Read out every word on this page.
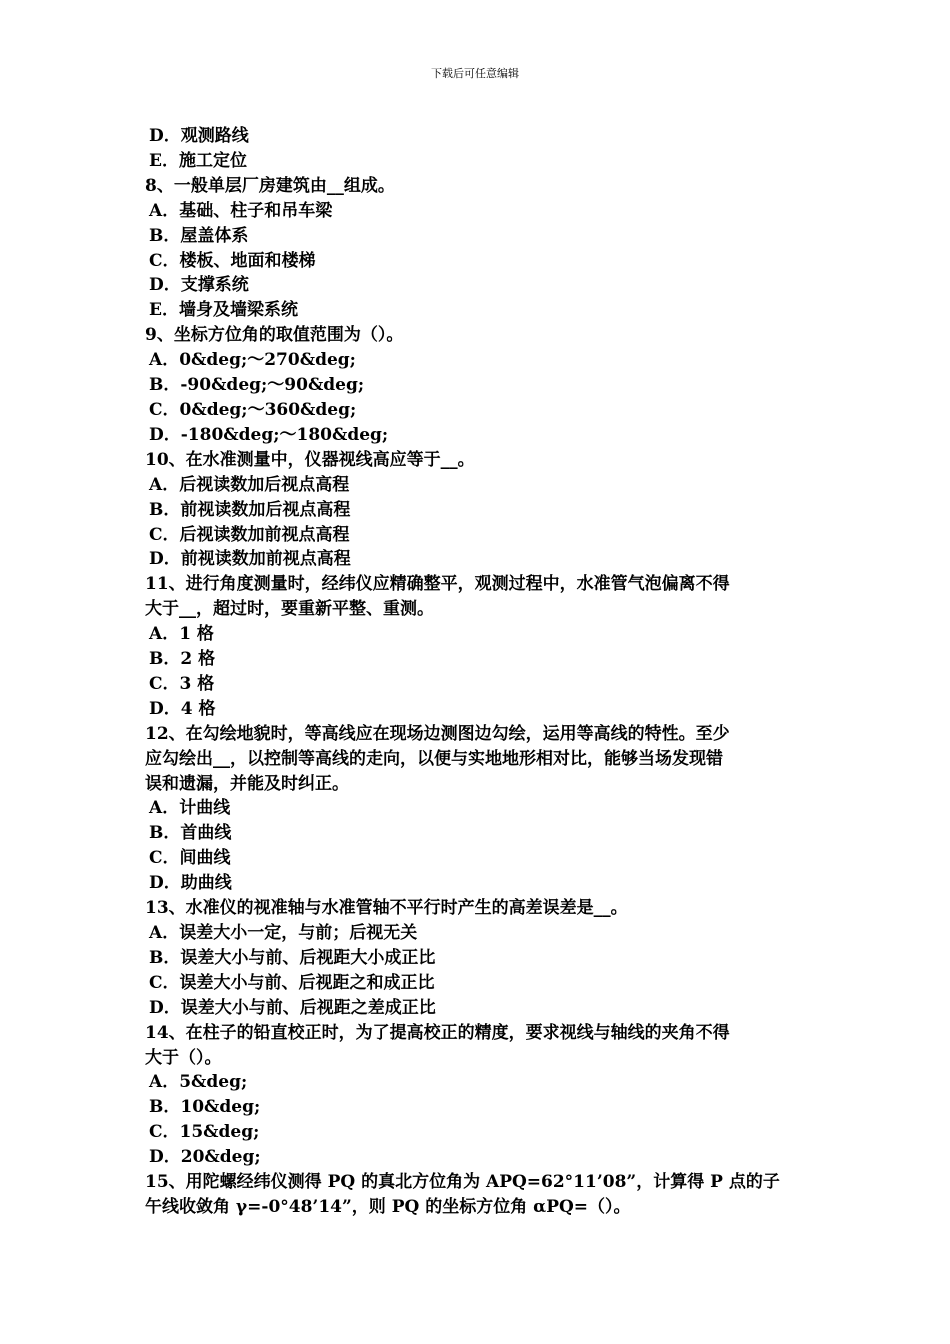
下载后可任意编辑
D．观测路线
E．施工定位
8、一般单层厂房建筑由__组成。
A．基础、柱子和吊车梁
B．屋盖体系
C．楼板、地面和楼梯
D．支撑系统
E．墙身及墙梁系统
9、坐标方位角的取值范围为（）。
A．0&deg;～270&deg;
B．-90&deg;～90&deg;
C．0&deg;～360&deg;
D．-180&deg;～180&deg;
10、在水准测量中，仪器视线高应等于__。
A．后视读数加后视点高程
B．前视读数加后视点高程
C．后视读数加前视点高程
D．前视读数加前视点高程
11、进行角度测量时，经纬仪应精确整平，观测过程中，水准管气泡偏离不得
大于__，超过时，要重新平整、重测。
A．1 格
B．2 格
C．3 格
D．4 格
12、在勾绘地貌时，等高线应在现场边测图边勾绘，运用等高线的特性。至少
应勾绘出__，以控制等高线的走向，以便与实地地形相对比，能够当场发现错
误和遗漏，并能及时纠正。
A．计曲线
B．首曲线
C．间曲线
D．助曲线
13、水准仪的视准轴与水准管轴不平行时产生的高差误差是__。
A．误差大小一定，与前；后视无关
B．误差大小与前、后视距大小成正比
C．误差大小与前、后视距之和成正比
D．误差大小与前、后视距之差成正比
14、在柱子的铅直校正时，为了提高校正的精度，要求视线与轴线的夹角不得
大于（）。
A．5&deg;
B．10&deg;
C．15&deg;
D．20&deg;
15、用陀螺经纬仪测得 PQ 的真北方位角为 APQ=62°11’08”，计算得 P 点的子
午线收敛角 γ=-0°48’14”，则 PQ 的坐标方位角 αPQ=（）。
